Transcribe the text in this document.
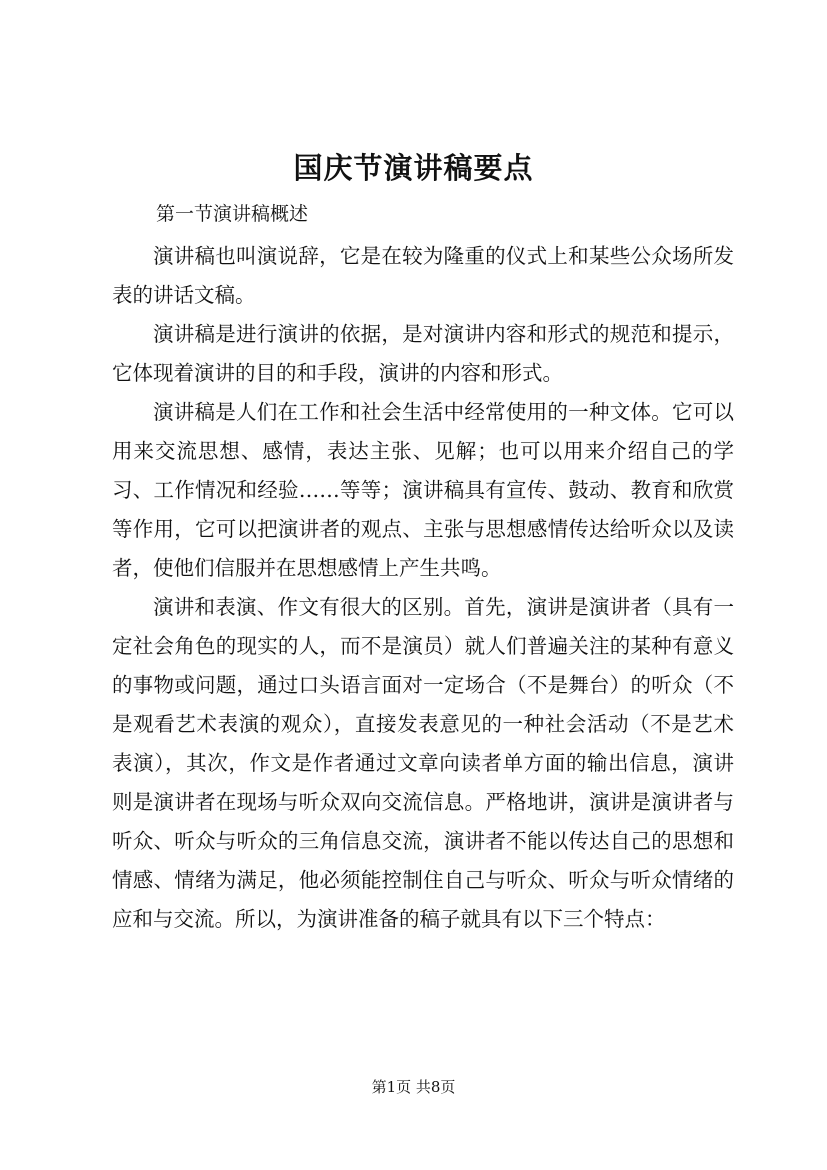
国庆节演讲稿要点
第一节演讲稿概述

演讲稿也叫演说辞，它是在较为隆重的仪式上和某些公众场所发表的讲话文稿。

演讲稿是进行演讲的依据，是对演讲内容和形式的规范和提示，它体现着演讲的目的和手段，演讲的内容和形式。

演讲稿是人们在工作和社会生活中经常使用的一种文体。它可以用来交流思想、感情，表达主张、见解；也可以用来介绍自己的学习、工作情况和经验……等等；演讲稿具有宣传、鼓动、教育和欣赏等作用，它可以把演讲者的观点、主张与思想感情传达给听众以及读者，使他们信服并在思想感情上产生共鸣。

演讲和表演、作文有很大的区别。首先，演讲是演讲者（具有一定社会角色的现实的人，而不是演员）就人们普遍关注的某种有意义的事物或问题，通过口头语言面对一定场合（不是舞台）的听众（不是观看艺术表演的观众），直接发表意见的一种社会活动（不是艺术表演），其次，作文是作者通过文章向读者单方面的输出信息，演讲则是演讲者在现场与听众双向交流信息。严格地讲，演讲是演讲者与听众、听众与听众的三角信息交流，演讲者不能以传达自己的思想和情感、情绪为满足，他必须能控制住自己与听众、听众与听众情绪的应和与交流。所以，为演讲准备的稿子就具有以下三个特点：

第1页 共8页
